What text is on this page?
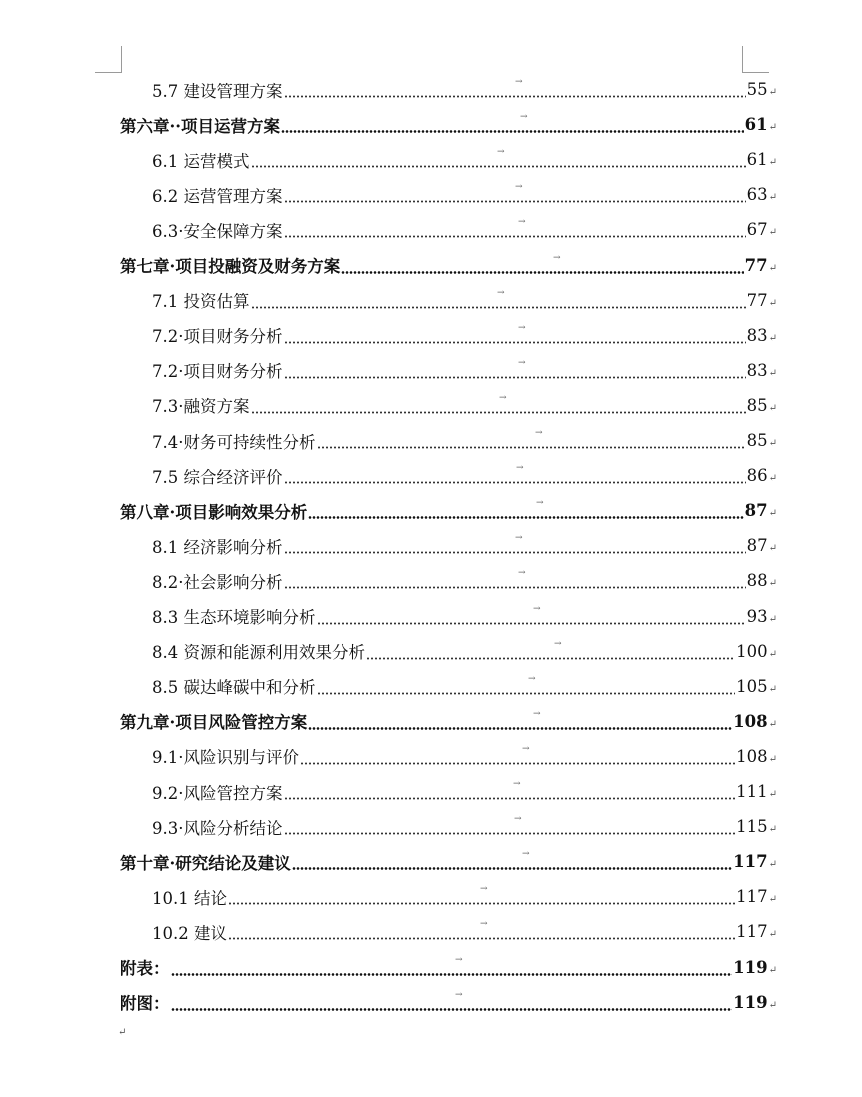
5.7 建设管理方案	→	55 ↵
第六章··项目运营方案	→	61 ↵
6.1 运营模式	→	61 ↵
6.2 运营管理方案	→	63 ↵
6.3·安全保障方案	→	67 ↵
第七章·项目投融资及财务方案	→	77 ↵
7.1 投资估算	→	77 ↵
7.2·项目财务分析	→	83 ↵
7.2·项目财务分析	→	83 ↵
7.3·融资方案	→	85 ↵
7.4·财务可持续性分析	→	85 ↵
7.5 综合经济评价	→	86 ↵
第八章·项目影响效果分析	→	87 ↵
8.1 经济影响分析	→	87 ↵
8.2·社会影响分析	→	88 ↵
8.3 生态环境影响分析	→	93 ↵
8.4 资源和能源利用效果分析	→	100 ↵
8.5 碳达峰碳中和分析	→	105 ↵
第九章·项目风险管控方案	→	108 ↵
9.1·风险识别与评价	→	108 ↵
9.2·风险管控方案	→	111 ↵
9.3·风险分析结论	→	115 ↵
第十章·研究结论及建议	→	117 ↵
10.1 结论	→	117 ↵
10.2 建议	→	117 ↵
附表：	→	119 ↵
附图：	→	119 ↵
↵
